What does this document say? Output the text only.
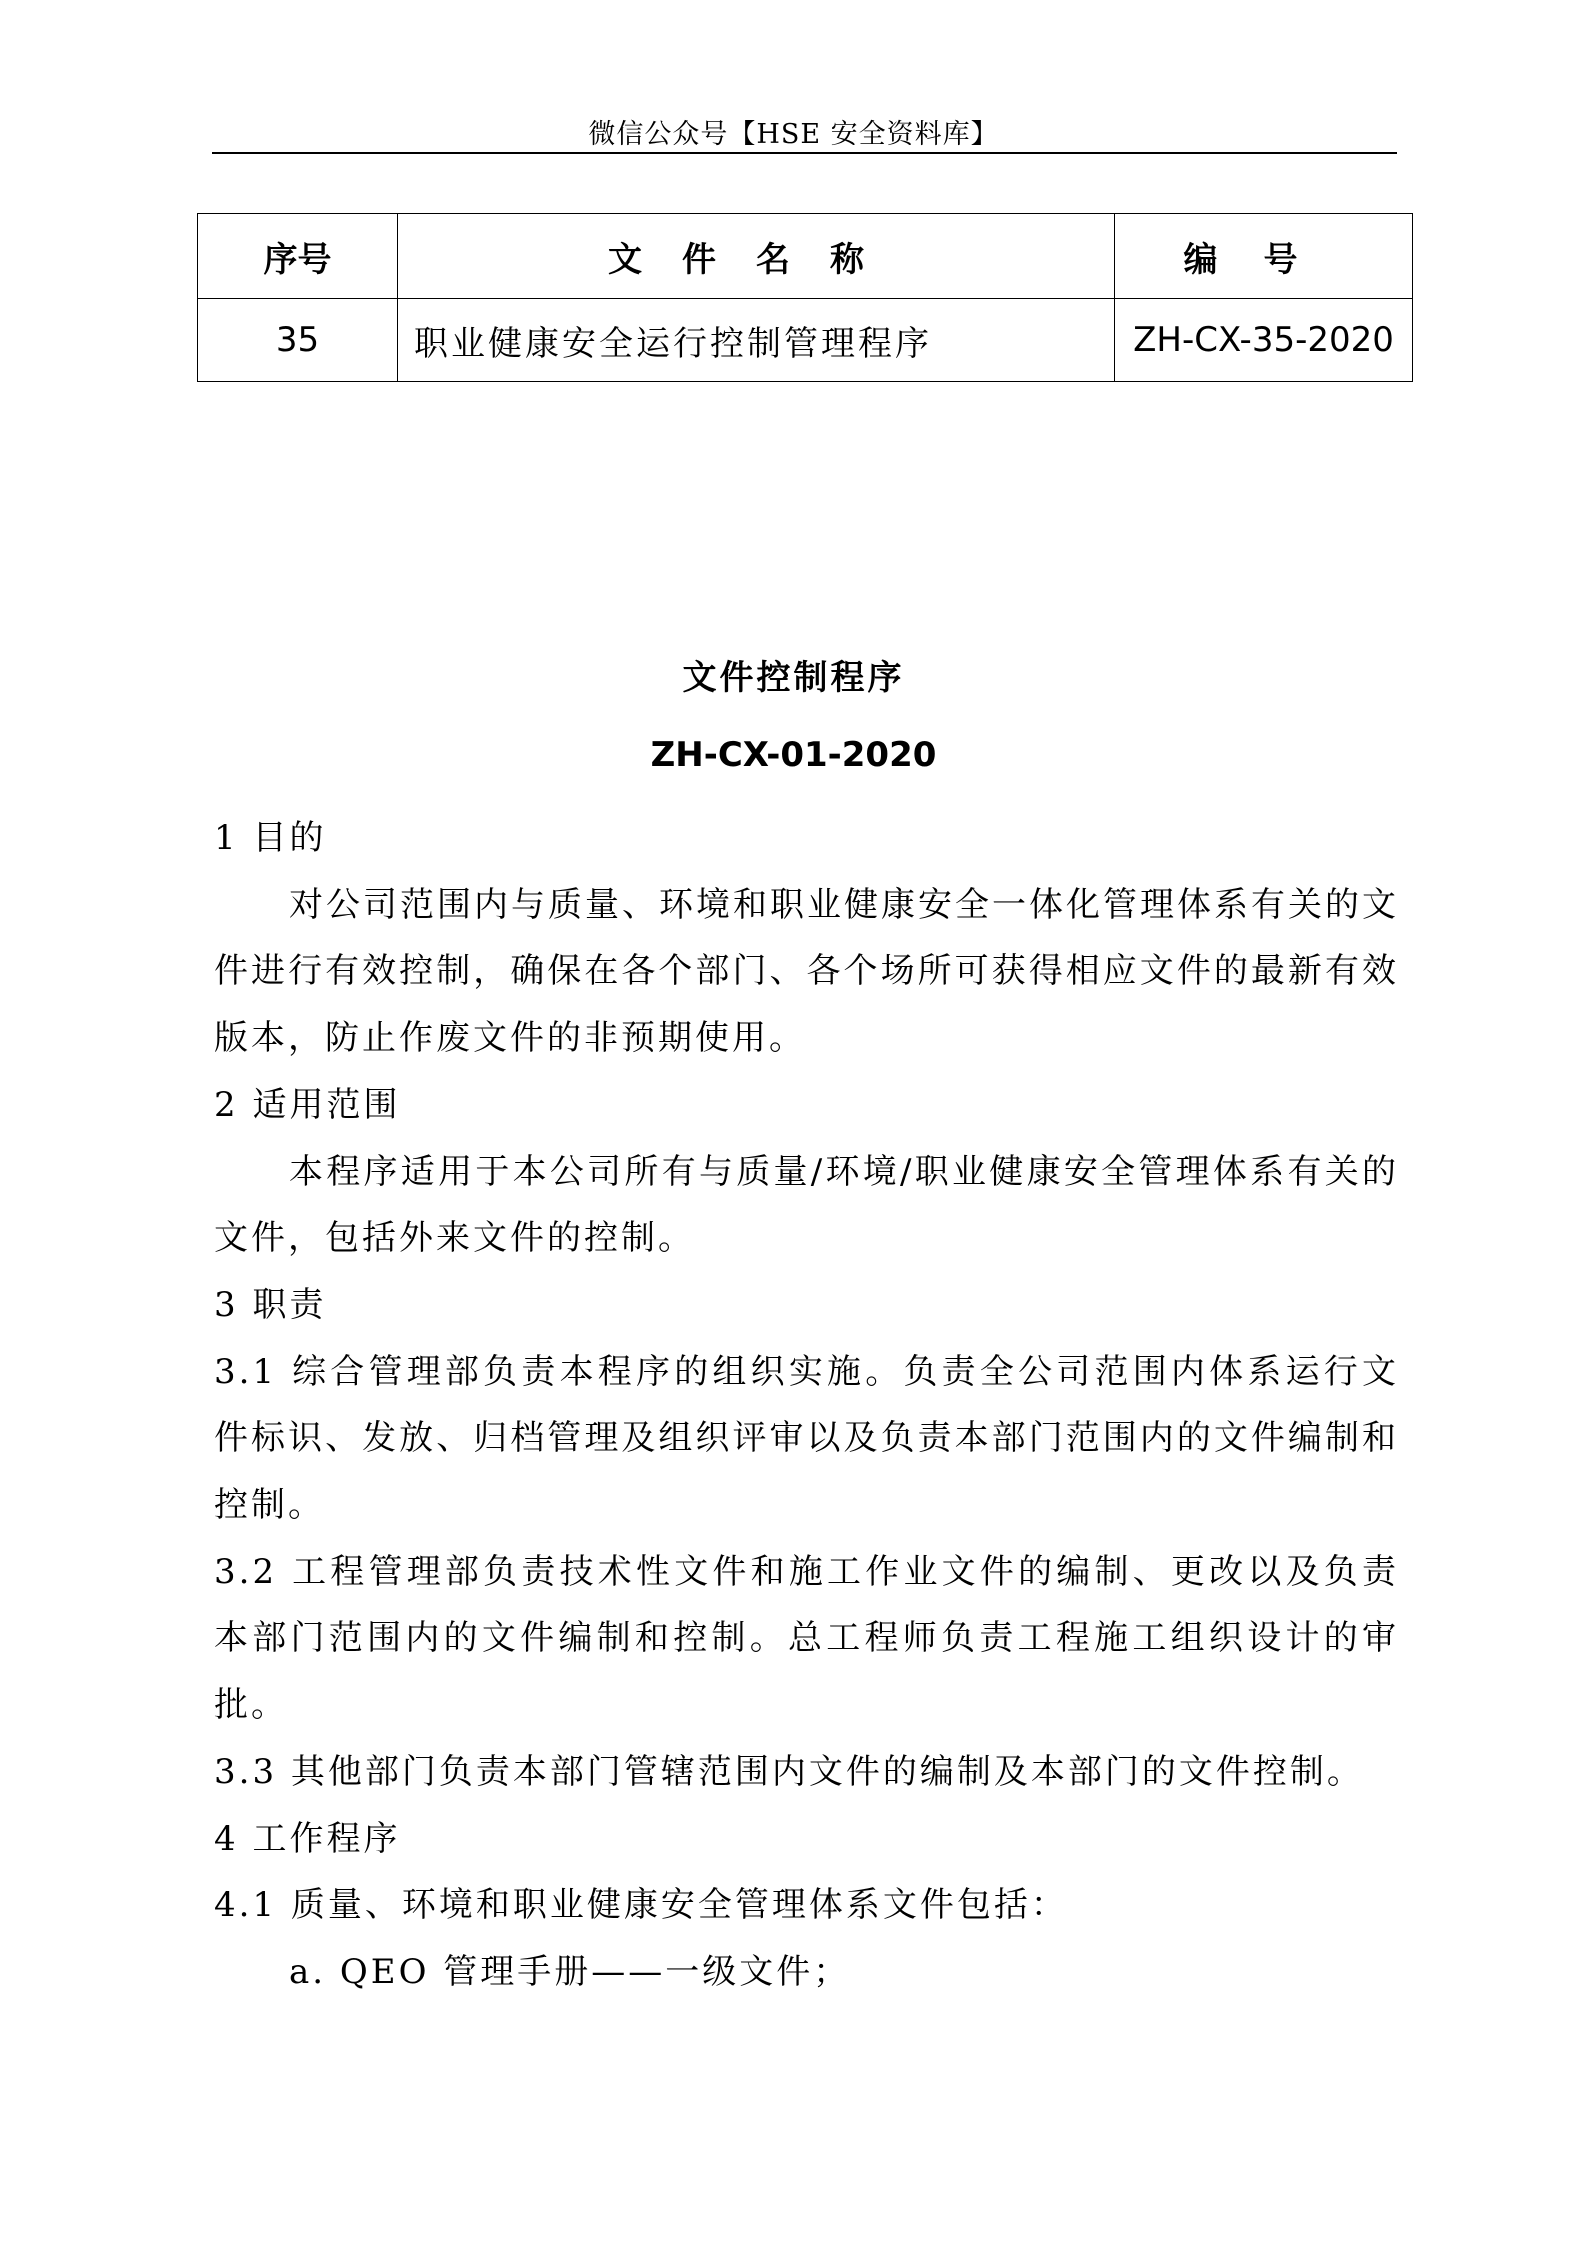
微信公众号【HSE 安全资料库】
序号	文件名称	编号
35	职业健康安全运行控制管理程序	ZH-CX-35-2020
文件控制程序
ZH-CX-01-2020

1 目的

对公司范围内与质量、环境和职业健康安全一体化管理体系有关的文件进行有效控制，确保在各个部门、各个场所可获得相应文件的最新有效版本，防止作废文件的非预期使用。

2 适用范围

本程序适用于本公司所有与质量/环境/职业健康安全管理体系有关的文件，包括外来文件的控制。

3 职责

3.1 综合管理部负责本程序的组织实施。负责全公司范围内体系运行文件标识、发放、归档管理及组织评审以及负责本部门范围内的文件编制和控制。

3.2 工程管理部负责技术性文件和施工作业文件的编制、更改以及负责本部门范围内的文件编制和控制。总工程师负责工程施工组织设计的审批。

3.3 其他部门负责本部门管辖范围内文件的编制及本部门的文件控制。

4 工作程序

4.1 质量、环境和职业健康安全管理体系文件包括：

a. QEO 管理手册——一级文件；
